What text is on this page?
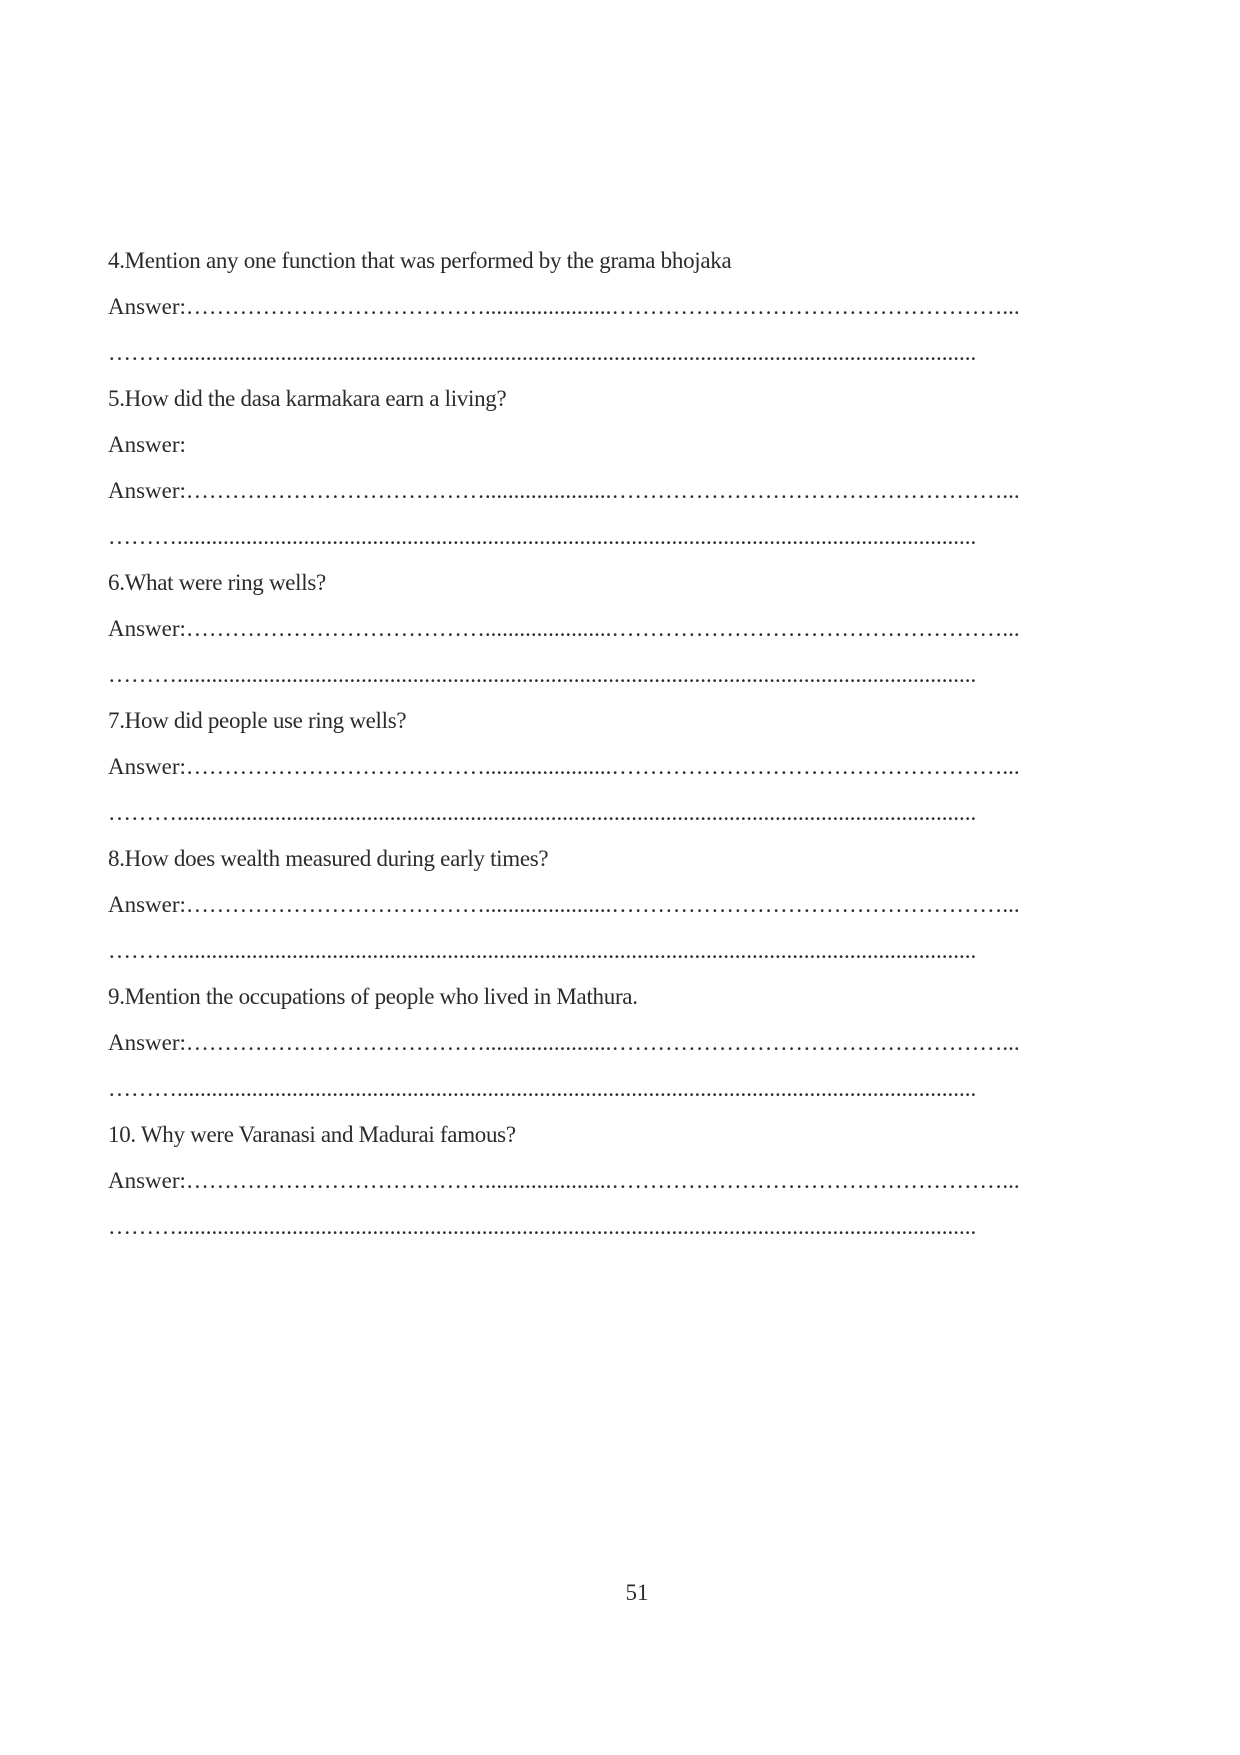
4.Mention any one function that was performed by the grama bhojaka
Answer:…………………………………......................……………………………………………...
………...........................................................................................................................................
5.How did the dasa karmakara earn a living?
Answer:
Answer:…………………………………......................……………………………………………...
………...........................................................................................................................................
6.What were ring wells?
Answer:…………………………………......................……………………………………………...
………...........................................................................................................................................
7.How did people use ring wells?
Answer:…………………………………......................……………………………………………...
………...........................................................................................................................................
8.How does wealth measured during early times?
Answer:…………………………………......................……………………………………………...
………...........................................................................................................................................
9.Mention the occupations of people who lived in Mathura.
Answer:…………………………………......................……………………………………………...
………...........................................................................................................................................
10. Why were Varanasi and Madurai famous?
Answer:…………………………………......................……………………………………………...
………...........................................................................................................................................
51
